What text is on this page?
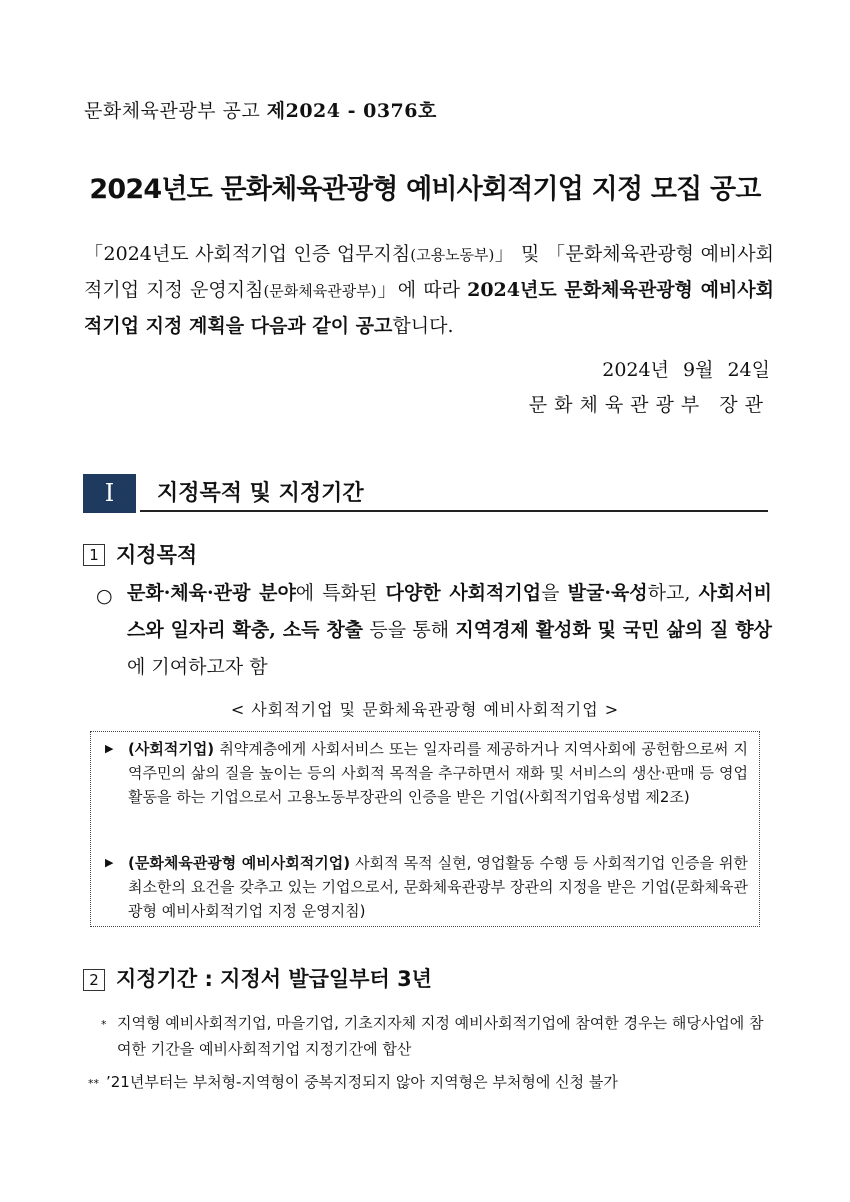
문화체육관광부 공고 제2024 - 0376호
2024년도 문화체육관광형 예비사회적기업 지정 모집 공고
「2024년도 사회적기업 인증 업무지침(고용노동부)」 및 「문화체육관광형 예비사회적기업 지정 운영지침(문화체육관광부)」에 따라 2024년도 문화체육관광형 예비사회적기업 지정 계획을 다음과 같이 공고합니다.
2024년 9월 24일
문화체육관광부 장관
I	지정목적 및 지정기간
1 지정목적
○ 문화·체육·관광 분야에 특화된 다양한 사회적기업을 발굴·육성하고, 사회서비스와 일자리 확충, 소득 창출 등을 통해 지역경제 활성화 및 국민 삶의 질 향상에 기여하고자 함
< 사회적기업 및 문화체육관광형 예비사회적기업 >
▶ (사회적기업) 취약계층에게 사회서비스 또는 일자리를 제공하거나 지역사회에 공헌함으로써 지역주민의 삶의 질을 높이는 등의 사회적 목적을 추구하면서 재화 및 서비스의 생산·판매 등 영업활동을 하는 기업으로서 고용노동부장관의 인증을 받은 기업(사회적기업육성법 제2조)
▶ (문화체육관광형 예비사회적기업) 사회적 목적 실현, 영업활동 수행 등 사회적기업 인증을 위한 최소한의 요건을 갖추고 있는 기업으로서, 문화체육관광부 장관의 지정을 받은 기업(문화체육관광형 예비사회적기업 지정 운영지침)
2 지정기간 : 지정서 발급일부터 3년
* 지역형 예비사회적기업, 마을기업, 기초지자체 지정 예비사회적기업에 참여한 경우는 해당사업에 참여한 기간을 예비사회적기업 지정기간에 합산
** ’21년부터는 부처형-지역형이 중복지정되지 않아 지역형은 부처형에 신청 불가
